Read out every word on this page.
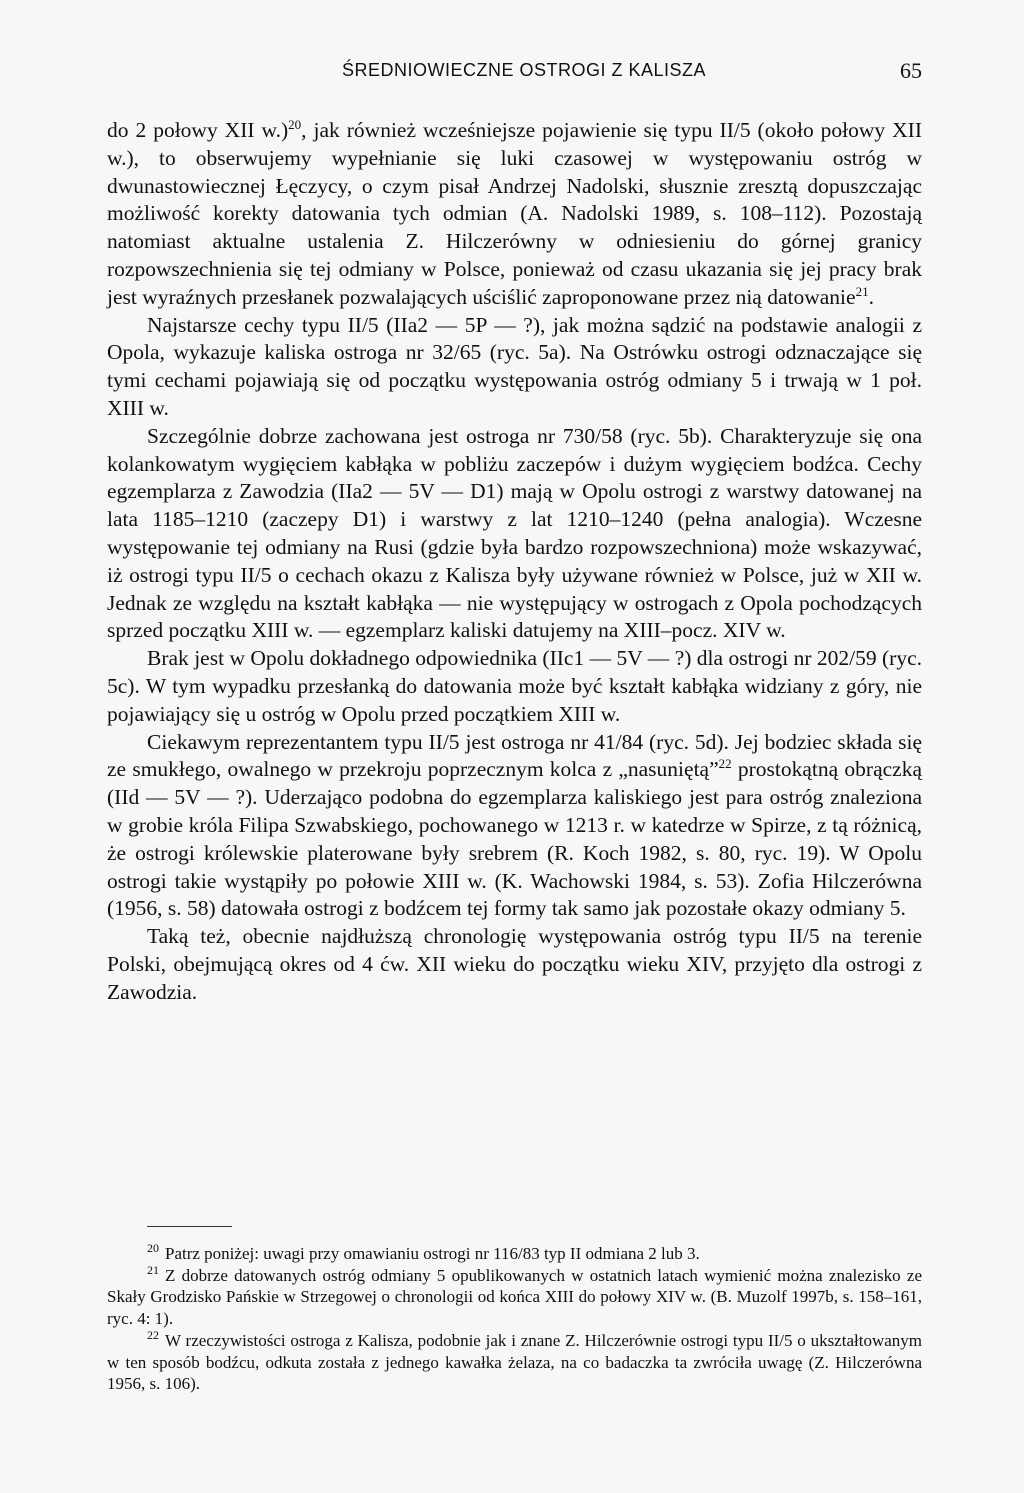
ŚREDNIOWIECZNE OSTROGI Z KALISZA	65

do 2 połowy XII w.)$^{20}$, jak również wcześniejsze pojawienie się typu II/5 (około połowy XII w.), to obserwujemy wypełnianie się luki czasowej w występowaniu ostróg w dwunastowiecznej Łęczycy, o czym pisał Andrzej Nadolski, słusznie zresztą dopuszczając możliwość korekty datowania tych odmian (A. Nadolski 1989, s. 108–112). Pozostają natomiast aktualne ustalenia Z. Hilczerówny w odniesieniu do górnej granicy rozpowszechnienia się tej odmiany w Polsce, ponieważ od czasu ukazania się jej pracy brak jest wyraźnych przesłanek pozwalających uściślić zaproponowane przez nią datowanie$^{21}$.

Najstarsze cechy typu II/5 (IIa2 — 5P — ?), jak można sądzić na podstawie analogii z Opola, wykazuje kaliska ostroga nr 32/65 (ryc. 5a). Na Ostrówku ostrogi odznaczające się tymi cechami pojawiają się od początku występowania ostróg odmiany 5 i trwają w 1 poł. XIII w.

Szczególnie dobrze zachowana jest ostroga nr 730/58 (ryc. 5b). Charakteryzuje się ona kolankowatym wygięciem kabłąka w pobliżu zaczepów i dużym wygięciem bodźca. Cechy egzemplarza z Zawodzia (IIa2 — 5V — D1) mają w Opolu ostrogi z warstwy datowanej na lata 1185–1210 (zaczepy D1) i warstwy z lat 1210–1240 (pełna analogia). Wczesne występowanie tej odmiany na Rusi (gdzie była bardzo rozpowszechniona) może wskazywać, iż ostrogi typu II/5 o cechach okazu z Kalisza były używane również w Polsce, już w XII w. Jednak ze względu na kształt kabłąka — nie występujący w ostrogach z Opola pochodzących sprzed początku XIII w. — egzemplarz kaliski datujemy na XIII–pocz. XIV w.

Brak jest w Opolu dokładnego odpowiednika (IIc1 — 5V — ?) dla ostrogi nr 202/59 (ryc. 5c). W tym wypadku przesłanką do datowania może być kształt kabłąka widziany z góry, nie pojawiający się u ostróg w Opolu przed początkiem XIII w.

Ciekawym reprezentantem typu II/5 jest ostroga nr 41/84 (ryc. 5d). Jej bodziec składa się ze smukłego, owalnego w przekroju poprzecznym kolca z „nasuniętą”$^{22}$ prostokątną obrączką (IId — 5V — ?). Uderzająco podobna do egzemplarza kaliskiego jest para ostróg znaleziona w grobie króla Filipa Szwabskiego, pochowanego w 1213 r. w katedrze w Spirze, z tą różnicą, że ostrogi królewskie platerowane były srebrem (R. Koch 1982, s. 80, ryc. 19). W Opolu ostrogi takie wystąpiły po połowie XIII w. (K. Wachowski 1984, s. 53). Zofia Hilczerówna (1956, s. 58) datowała ostrogi z bodźcem tej formy tak samo jak pozostałe okazy odmiany 5.

Taką też, obecnie najdłuższą chronologię występowania ostróg typu II/5 na terenie Polski, obejmującą okres od 4 ćw. XII wieku do początku wieku XIV, przyjęto dla ostrogi z Zawodzia.

$^{20}$ Patrz poniżej: uwagi przy omawianiu ostrogi nr 116/83 typ II odmiana 2 lub 3.

$^{21}$ Z dobrze datowanych ostróg odmiany 5 opublikowanych w ostatnich latach wymienić można znalezisko ze Skały Grodzisko Pańskie w Strzegowej o chronologii od końca XIII do połowy XIV w. (B. Muzolf 1997b, s. 158–161, ryc. 4: 1).

$^{22}$ W rzeczywistości ostroga z Kalisza, podobnie jak i znane Z. Hilczerównie ostrogi typu II/5 o ukształtowanym w ten sposób bodźcu, odkuta została z jednego kawałka żelaza, na co badaczka ta zwróciła uwagę (Z. Hilczerówna 1956, s. 106).
